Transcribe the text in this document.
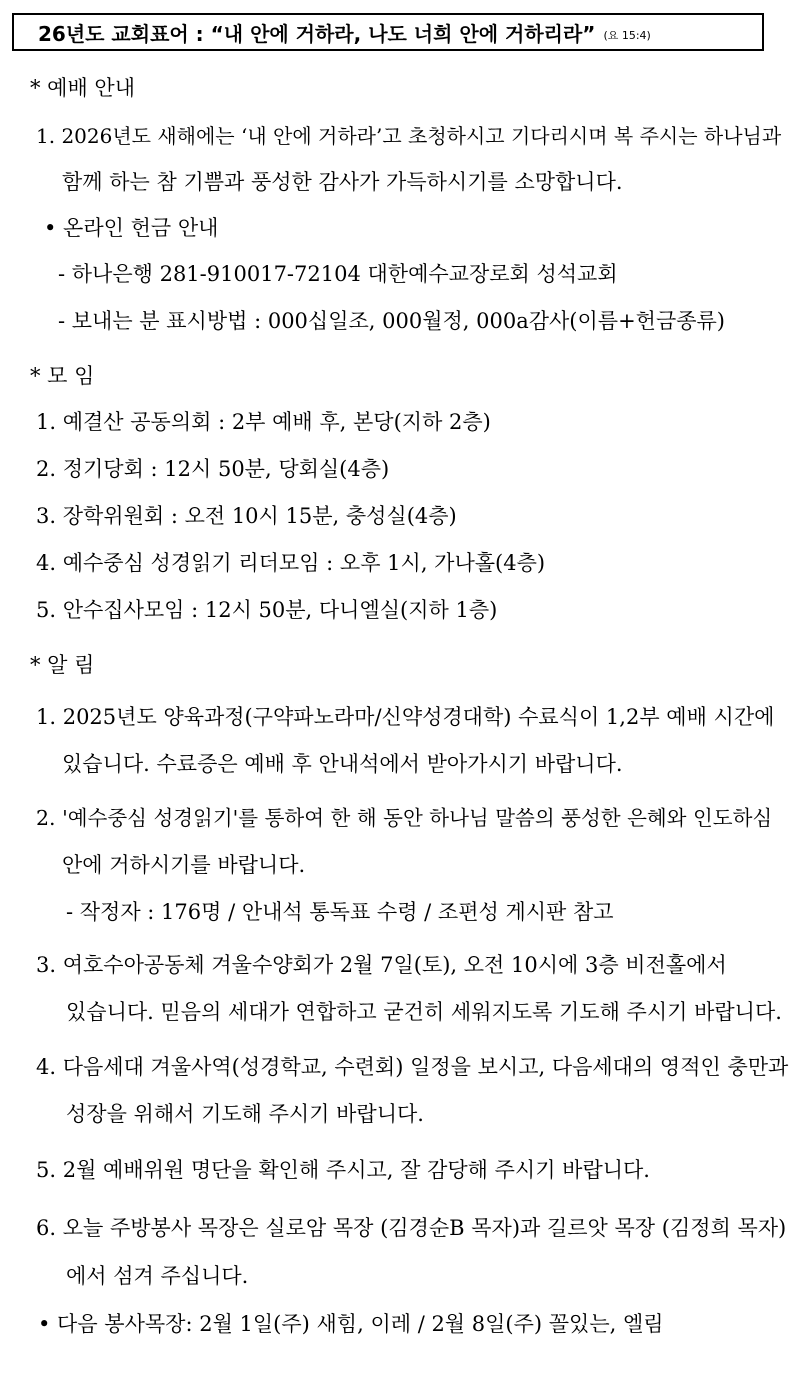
26년도 교회표어 : “내 안에 거하라, 나도 너희 안에 거하리라” (요 15:4)
* 예배 안내
1. 2026년도 새해에는 ‘내 안에 거하라’고 초청하시고 기다리시며 복 주시는 하나님과
함께 하는 참 기쁨과 풍성한 감사가 가득하시기를 소망합니다.
• 온라인 헌금 안내
- 하나은행 281-910017-72104 대한예수교장로회 성석교회
- 보내는 분 표시방법 : 000십일조, 000월정, 000a감사(이름+헌금종류)
* 모 임
1. 예결산 공동의회 : 2부 예배 후, 본당(지하 2층)
2. 정기당회 : 12시 50분, 당회실(4층)
3. 장학위원회 : 오전 10시 15분, 충성실(4층)
4. 예수중심 성경읽기 리더모임 : 오후 1시, 가나홀(4층)
5. 안수집사모임 : 12시 50분, 다니엘실(지하 1층)
* 알 림
1. 2025년도 양육과정(구약파노라마/신약성경대학) 수료식이 1,2부 예배 시간에
있습니다. 수료증은 예배 후 안내석에서 받아가시기 바랍니다.
2. '예수중심 성경읽기'를 통하여 한 해 동안 하나님 말씀의 풍성한 은혜와 인도하심
안에 거하시기를 바랍니다.
- 작정자 : 176명 / 안내석 통독표 수령 / 조편성 게시판 참고
3. 여호수아공동체 겨울수양회가 2월 7일(토), 오전 10시에 3층 비전홀에서
있습니다. 믿음의 세대가 연합하고 굳건히 세워지도록 기도해 주시기 바랍니다.
4. 다음세대 겨울사역(성경학교, 수련회) 일정을 보시고, 다음세대의 영적인 충만과
성장을 위해서 기도해 주시기 바랍니다.
5. 2월 예배위원 명단을 확인해 주시고, 잘 감당해 주시기 바랍니다.
6. 오늘 주방봉사 목장은 실로암 목장 (김경순B 목자)과 길르앗 목장 (김정희 목자)
에서 섬겨 주십니다.
• 다음 봉사목장: 2월 1일(주) 새힘, 이레 / 2월 8일(주) 꼴있는, 엘림
